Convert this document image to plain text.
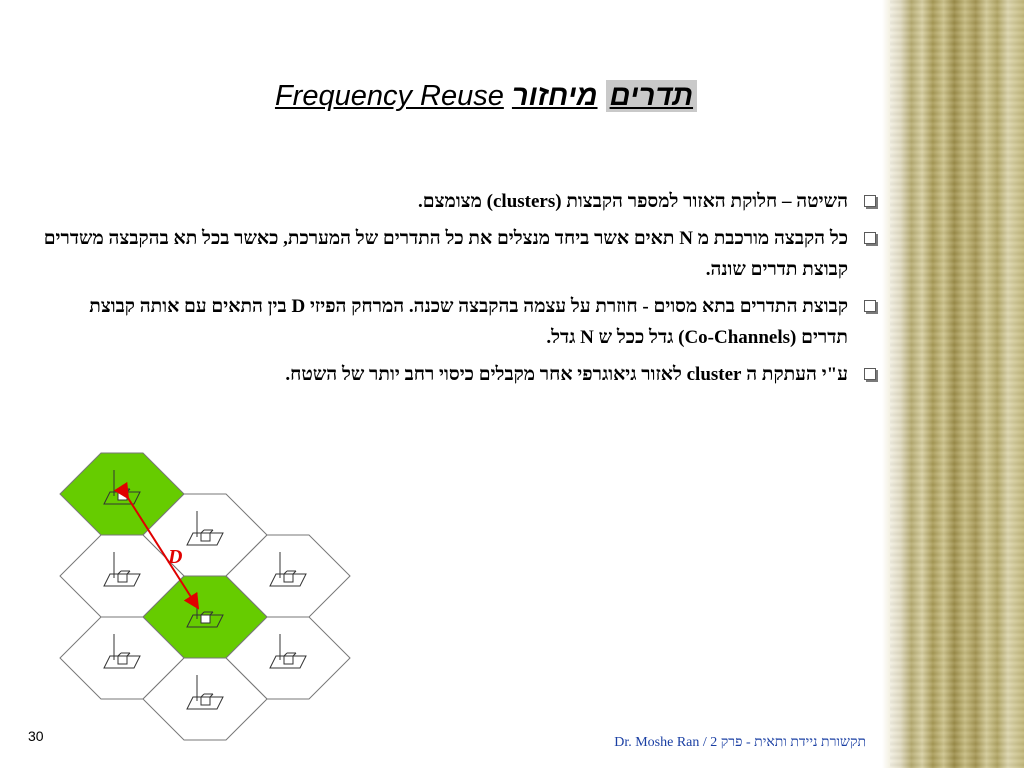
Frequency Reuse	תדרים מיחזור
השיטה – חלוקת האזור למספר הקבצות (clusters) מצומצם.
כל הקבצה מורכבת מ N תאים אשר ביחד מנצלים את כל התדרים של המערכת, כאשר בכל תא בהקבצה משדרים קבוצת תדרים שונה.
קבוצת התדרים בתא מסוים - חוזרת על עצמה בהקבצה שכנה. המרחק הפיזי D בין התאים עם אותה קבוצת תדרים (Co-Channels) גדל ככל ש N גדל.
ע"י העתקת ה cluster לאזור גיאוגרפי אחר מקבלים כיסוי רחב יותר של השטח.
D
30	Dr. Moshe Ran / תקשורת ניידת ותאית - פרק 2
